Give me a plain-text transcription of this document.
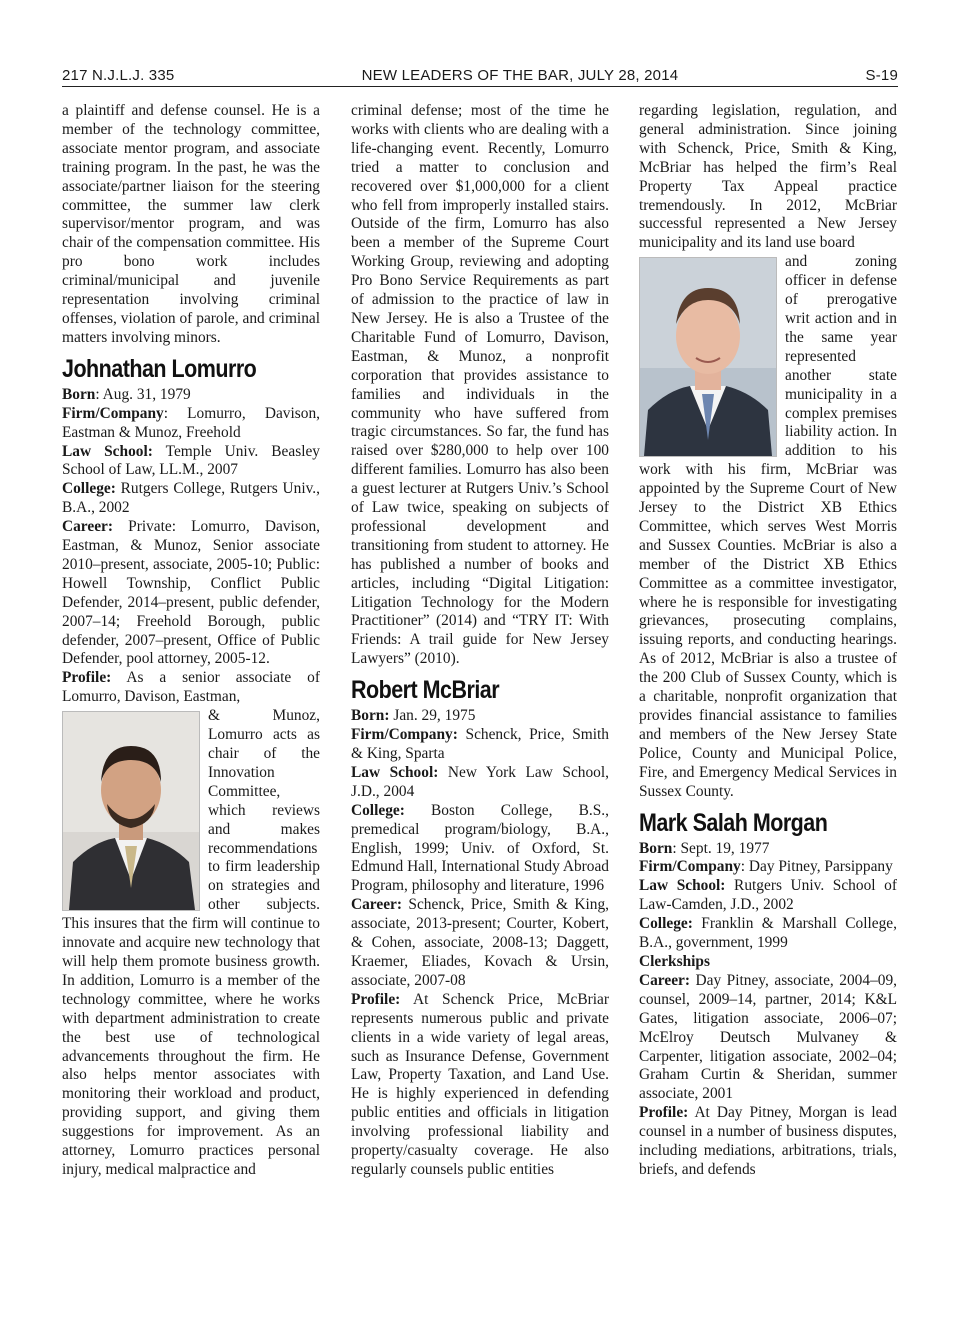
217 N.J.L.J. 335	NEW LEADERS OF THE BAR, JULY 28, 2014	S-19

a plaintiff and defense counsel. He is a member of the technology committee, associate mentor program, and associate training program. In the past, he was the associate/partner liaison for the steering committee, the summer law clerk supervisor/mentor program, and was chair of the compensation committee. His pro bono work includes criminal/municipal and juvenile representation involving criminal offenses, violation of parole, and criminal matters involving minors.

Johnathan Lomurro

Born: Aug. 31, 1979

Firm/Company: Lomurro, Davison, Eastman & Munoz, Freehold

Law School: Temple Univ. Beasley School of Law, LL.M., 2007

College: Rutgers College, Rutgers Univ., B.A., 2002

Career: Private: Lomurro, Davison, Eastman, & Munoz, Senior associate 2010–present, associate, 2005-10; Public: Howell Township, Conflict Public Defender, 2014–present, public defender, 2007–14; Freehold Borough, public defender, 2007–present, Office of Public Defender, pool attorney, 2005-12.

Profile: As a senior associate of Lomurro, Davison, Eastman,

& Munoz, Lomurro acts as chair of the Innovation Committee, which reviews and makes recommendations to firm leadership on strategies and other subjects. This insures that the firm will continue to innovate and acquire new technology that will help them promote business growth. In addition, Lomurro is a member of the technology committee, where he works with department administration to create the best use of technological advancements throughout the firm. He also helps mentor associates with monitoring their workload and product, providing support, and giving them suggestions for improvement. As an attorney, Lomurro practices personal injury, medical malpractice and

criminal defense; most of the time he works with clients who are dealing with a life-changing event. Recently, Lomurro tried a matter to conclusion and recovered over $1,000,000 for a client who fell from improperly installed stairs. Outside of the firm, Lomurro has also been a member of the Supreme Court Working Group, reviewing and adopting Pro Bono Service Requirements as part of admission to the practice of law in New Jersey. He is also a Trustee of the Charitable Fund of Lomurro, Davison, Eastman, & Munoz, a nonprofit corporation that provides assistance to families and individuals in the community who have suffered from tragic circumstances. So far, the fund has raised over $280,000 to help over 100 different families. Lomurro has also been a guest lecturer at Rutgers Univ.’s School of Law twice, speaking on subjects of professional development and transitioning from student to attorney. He has published a number of books and articles, including “Digital Litigation: Litigation Technology for the Modern Practitioner” (2014) and “TRY IT: With Friends: A trail guide for New Jersey Lawyers” (2010).

Robert McBriar

Born: Jan. 29, 1975

Firm/Company: Schenck, Price, Smith & King, Sparta

Law School: New York Law School, J.D., 2004

College: Boston College, B.S., premedical program/biology, B.A., English, 1999; Univ. of Oxford, St. Edmund Hall, International Study Abroad Program, philosophy and literature, 1996

Career: Schenck, Price, Smith & King, associate, 2013-present; Courter, Kobert, & Cohen, associate, 2008-13; Daggett, Kraemer, Eliades, Kovach & Ursin, associate, 2007-08

Profile: At Schenck Price, McBriar represents numerous public and private clients in a wide variety of legal areas, such as Insurance Defense, Government Law, Property Taxation, and Land Use. He is highly experienced in defending public entities and officials in litigation involving professional liability and property/casualty coverage. He also regularly counsels public entities

regarding legislation, regulation, and general administration. Since joining with Schenck, Price, Smith & King, McBriar has helped the firm’s Real Property Tax Appeal practice tremendously. In 2012, McBriar successful represented a New Jersey municipality and its land use board

and zoning officer in defense of prerogative writ action and in the same year represented another state municipality in a complex premises liability action. In addition to his work with his firm, McBriar was appointed by the Supreme Court of New Jersey to the District XB Ethics Committee, which serves West Morris and Sussex Counties. McBriar is also a member of the District XB Ethics Committee as a committee investigator, where he is responsible for investigating grievances, prosecuting complains, issuing reports, and conducting hearings. As of 2012, McBriar is also a trustee of the 200 Club of Sussex County, which is a charitable, nonprofit organization that provides financial assistance to families and members of the New Jersey State Police, County and Municipal Police, Fire, and Emergency Medical Services in Sussex County.

Mark Salah Morgan

Born: Sept. 19, 1977

Firm/Company: Day Pitney, Parsippany

Law School: Rutgers Univ. School of Law-Camden, J.D., 2002

College: Franklin & Marshall College, B.A., government, 1999

Clerkships

Career: Day Pitney, associate, 2004–09, counsel, 2009–14, partner, 2014; K&L Gates, litigation associate, 2006–07; McElroy Deutsch Mulvaney & Carpenter, litigation associate, 2002–04; Graham Curtin & Sheridan, summer associate, 2001

Profile: At Day Pitney, Morgan is lead counsel in a number of business disputes, including mediations, arbitrations, trials, briefs, and defends
